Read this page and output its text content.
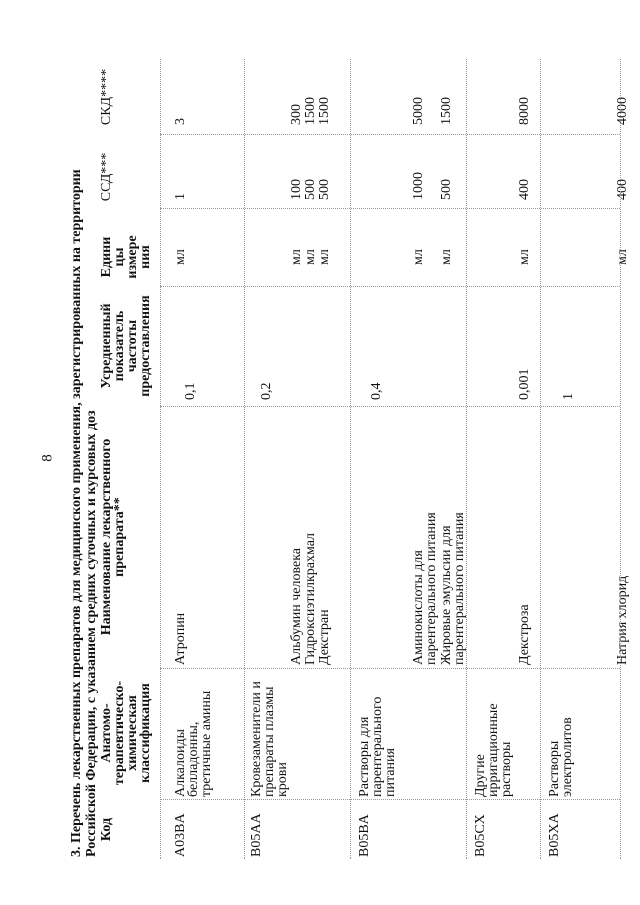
8 3. Перечень лекарственных препаратов для медицинского применения, зарегистрированных на территории Российской Федерации, с указанием средних суточных и курсовых доз Код
Анатомо-
терапевтическо-
химическая
классификация
Наименование лекарственного
препарата**
Усредненный
показатель
частоты
предоставления
Едини
цы
измере
ния
ССД***
СКД****
A03BA
Алкалоиды
белладонны,
третичные амины
0,1
Атропин
мл
1
3
B05AA
Кровезаменители и
препараты плазмы
крови
0,2
Альбумин человека
мл
100
300
Гидроксиэтилкрахмал
мл
500
1500
Декстран
мл
500
1500
B05BA
Растворы для
парентерального
питания
0,4
Аминокислоты для
парентерального питания
мл
1000
5000
Жировые эмульсии для
парентерального питания
мл
500
1500
B05CX
Другие
ирригационные
растворы
Декстроза
0,001
мл
400
8000
B05XA
Растворы
электролитов
1
Натрия хлорид
мл
400
4000
